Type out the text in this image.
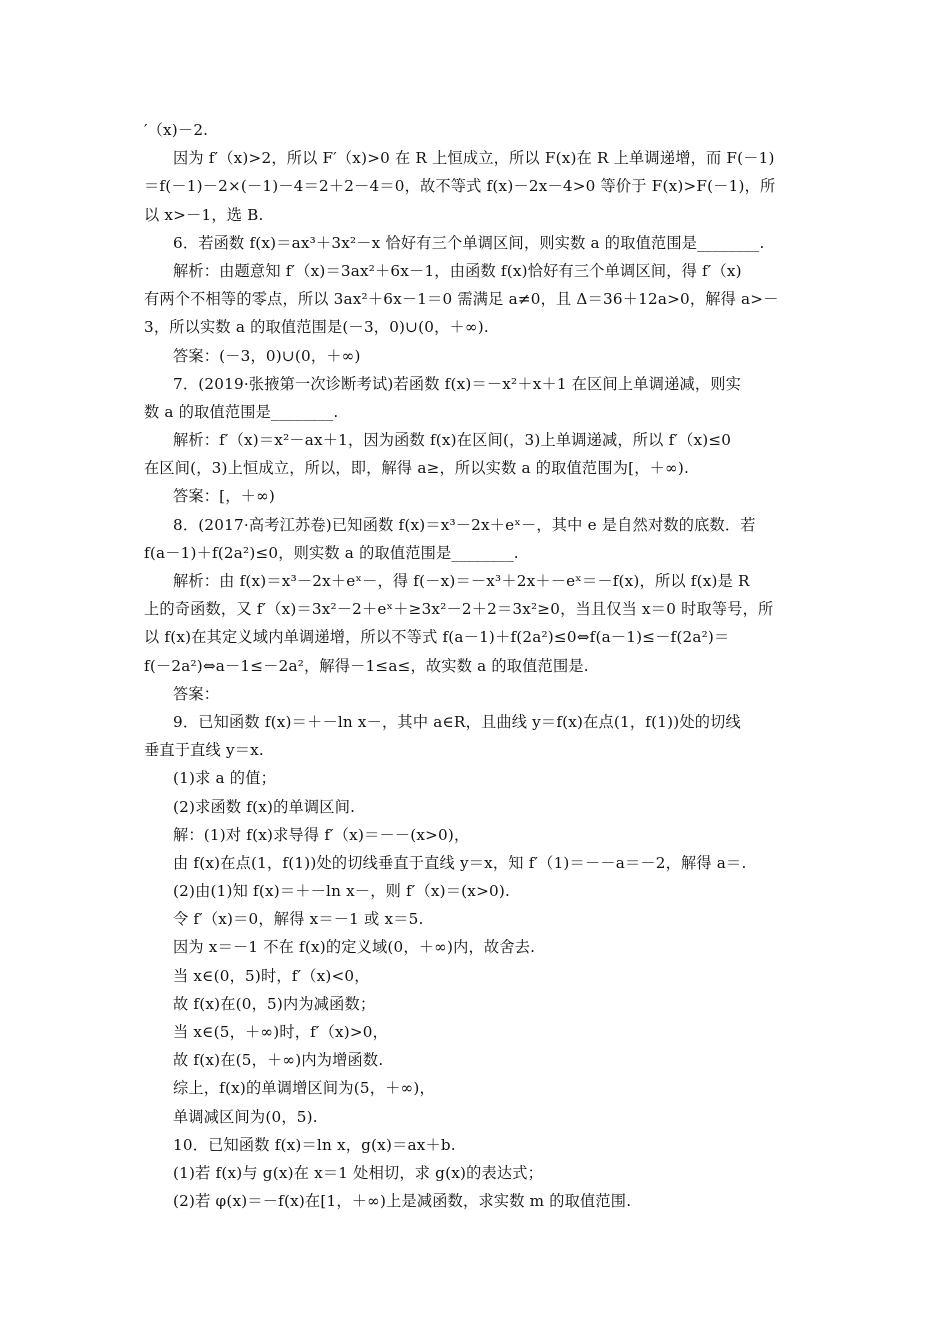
′（x)－2.
因为 f′（x)>2，所以 F′（x)>0 在 R 上恒成立，所以 F(x)在 R 上单调递增，而 F(－1)
＝f(－1)－2×(－1)－4＝2＋2－4＝0，故不等式 f(x)－2x－4>0 等价于 F(x)>F(－1)，所
以 x>－1，选 B.
6．若函数 f(x)＝ax³＋3x²－x 恰好有三个单调区间，则实数 a 的取值范围是________.
解析：由题意知 f′（x)＝3ax²＋6x－1，由函数 f(x)恰好有三个单调区间，得 f′（x)
有两个不相等的零点，所以 3ax²＋6x－1＝0 需满足 a≠0，且 Δ＝36＋12a>0，解得 a>－
3，所以实数 a 的取值范围是(－3，0)∪(0，＋∞).
答案：(－3，0)∪(0，＋∞)
7．(2019·张掖第一次诊断考试)若函数 f(x)＝－x²＋x＋1 在区间上单调递减，则实
数 a 的取值范围是________.
解析：f′（x)＝x²－ax＋1，因为函数 f(x)在区间(，3)上单调递减，所以 f′（x)≤0
在区间(，3)上恒成立，所以，即，解得 a≥，所以实数 a 的取值范围为[，＋∞).
答案：[，＋∞)
8．(2017·高考江苏卷)已知函数 f(x)＝x³－2x＋eˣ－，其中 e 是自然对数的底数．若
f(a－1)＋f(2a²)≤0，则实数 a 的取值范围是________.
解析：由 f(x)＝x³－2x＋eˣ－，得 f(－x)＝－x³＋2x＋－eˣ＝－f(x)，所以 f(x)是 R
上的奇函数，又 f′（x)＝3x²－2＋eˣ＋≥3x²－2＋2＝3x²≥0，当且仅当 x＝0 时取等号，所
以 f(x)在其定义域内单调递增，所以不等式 f(a－1)＋f(2a²)≤0⇔f(a－1)≤－f(2a²)＝
f(－2a²)⇔a－1≤－2a²，解得－1≤a≤，故实数 a 的取值范围是.
答案：
9．已知函数 f(x)＝＋－ln x－，其中 a∈R，且曲线 y＝f(x)在点(1，f(1))处的切线
垂直于直线 y＝x.
(1)求 a 的值；
(2)求函数 f(x)的单调区间.
解：(1)对 f(x)求导得 f′（x)＝－－(x>0)，
由 f(x)在点(1，f(1))处的切线垂直于直线 y＝x，知 f′（1)＝－－a＝－2，解得 a＝.
(2)由(1)知 f(x)＝＋－ln x－，则 f′（x)＝(x>0).
令 f′（x)＝0，解得 x＝－1 或 x＝5.
因为 x＝－1 不在 f(x)的定义域(0，＋∞)内，故舍去.
当 x∈(0，5)时，f′（x)<0，
故 f(x)在(0，5)内为减函数；
当 x∈(5，＋∞)时，f′（x)>0，
故 f(x)在(5，＋∞)内为增函数.
综上，f(x)的单调增区间为(5，＋∞)，
单调减区间为(0，5).
10．已知函数 f(x)＝ln x，g(x)＝ax＋b.
(1)若 f(x)与 g(x)在 x＝1 处相切，求 g(x)的表达式；
(2)若 φ(x)＝－f(x)在[1，＋∞)上是减函数，求实数 m 的取值范围.
